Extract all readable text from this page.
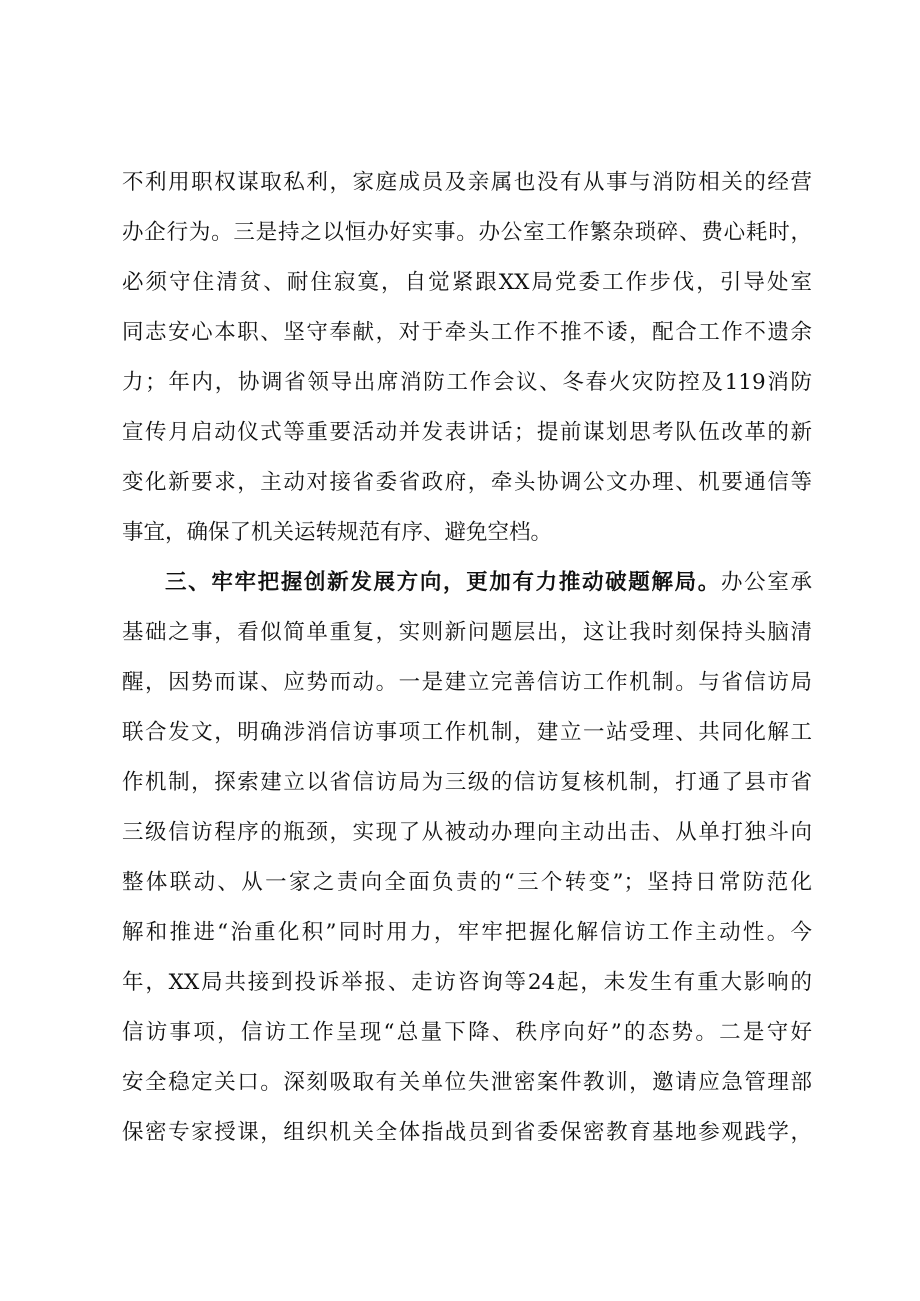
不利用职权谋取私利，家庭成员及亲属也没有从事与消防相关的经营
办企行为。三是持之以恒办好实事。办公室工作繁杂琐碎、费心耗时，
必须守住清贫、耐住寂寞，自觉紧跟XX局党委工作步伐，引导处室
同志安心本职、坚守奉献，对于牵头工作不推不诿，配合工作不遗余
力；年内，协调省领导出席消防工作会议、冬春火灾防控及119消防
宣传月启动仪式等重要活动并发表讲话；提前谋划思考队伍改革的新
变化新要求，主动对接省委省政府，牵头协调公文办理、机要通信等
事宜，确保了机关运转规范有序、避免空档。
三、牢牢把握创新发展方向，更加有力推动破题解局。办公室承
基础之事，看似简单重复，实则新问题层出，这让我时刻保持头脑清
醒，因势而谋、应势而动。一是建立完善信访工作机制。与省信访局
联合发文，明确涉消信访事项工作机制，建立一站受理、共同化解工
作机制，探索建立以省信访局为三级的信访复核机制，打通了县市省
三级信访程序的瓶颈，实现了从被动办理向主动出击、从单打独斗向
整体联动、从一家之责向全面负责的“三个转变”；坚持日常防范化
解和推进“治重化积”同时用力，牢牢把握化解信访工作主动性。今
年，XX局共接到投诉举报、走访咨询等24起，未发生有重大影响的
信访事项，信访工作呈现“总量下降、秩序向好”的态势。二是守好
安全稳定关口。深刻吸取有关单位失泄密案件教训，邀请应急管理部
保密专家授课，组织机关全体指战员到省委保密教育基地参观践学，
